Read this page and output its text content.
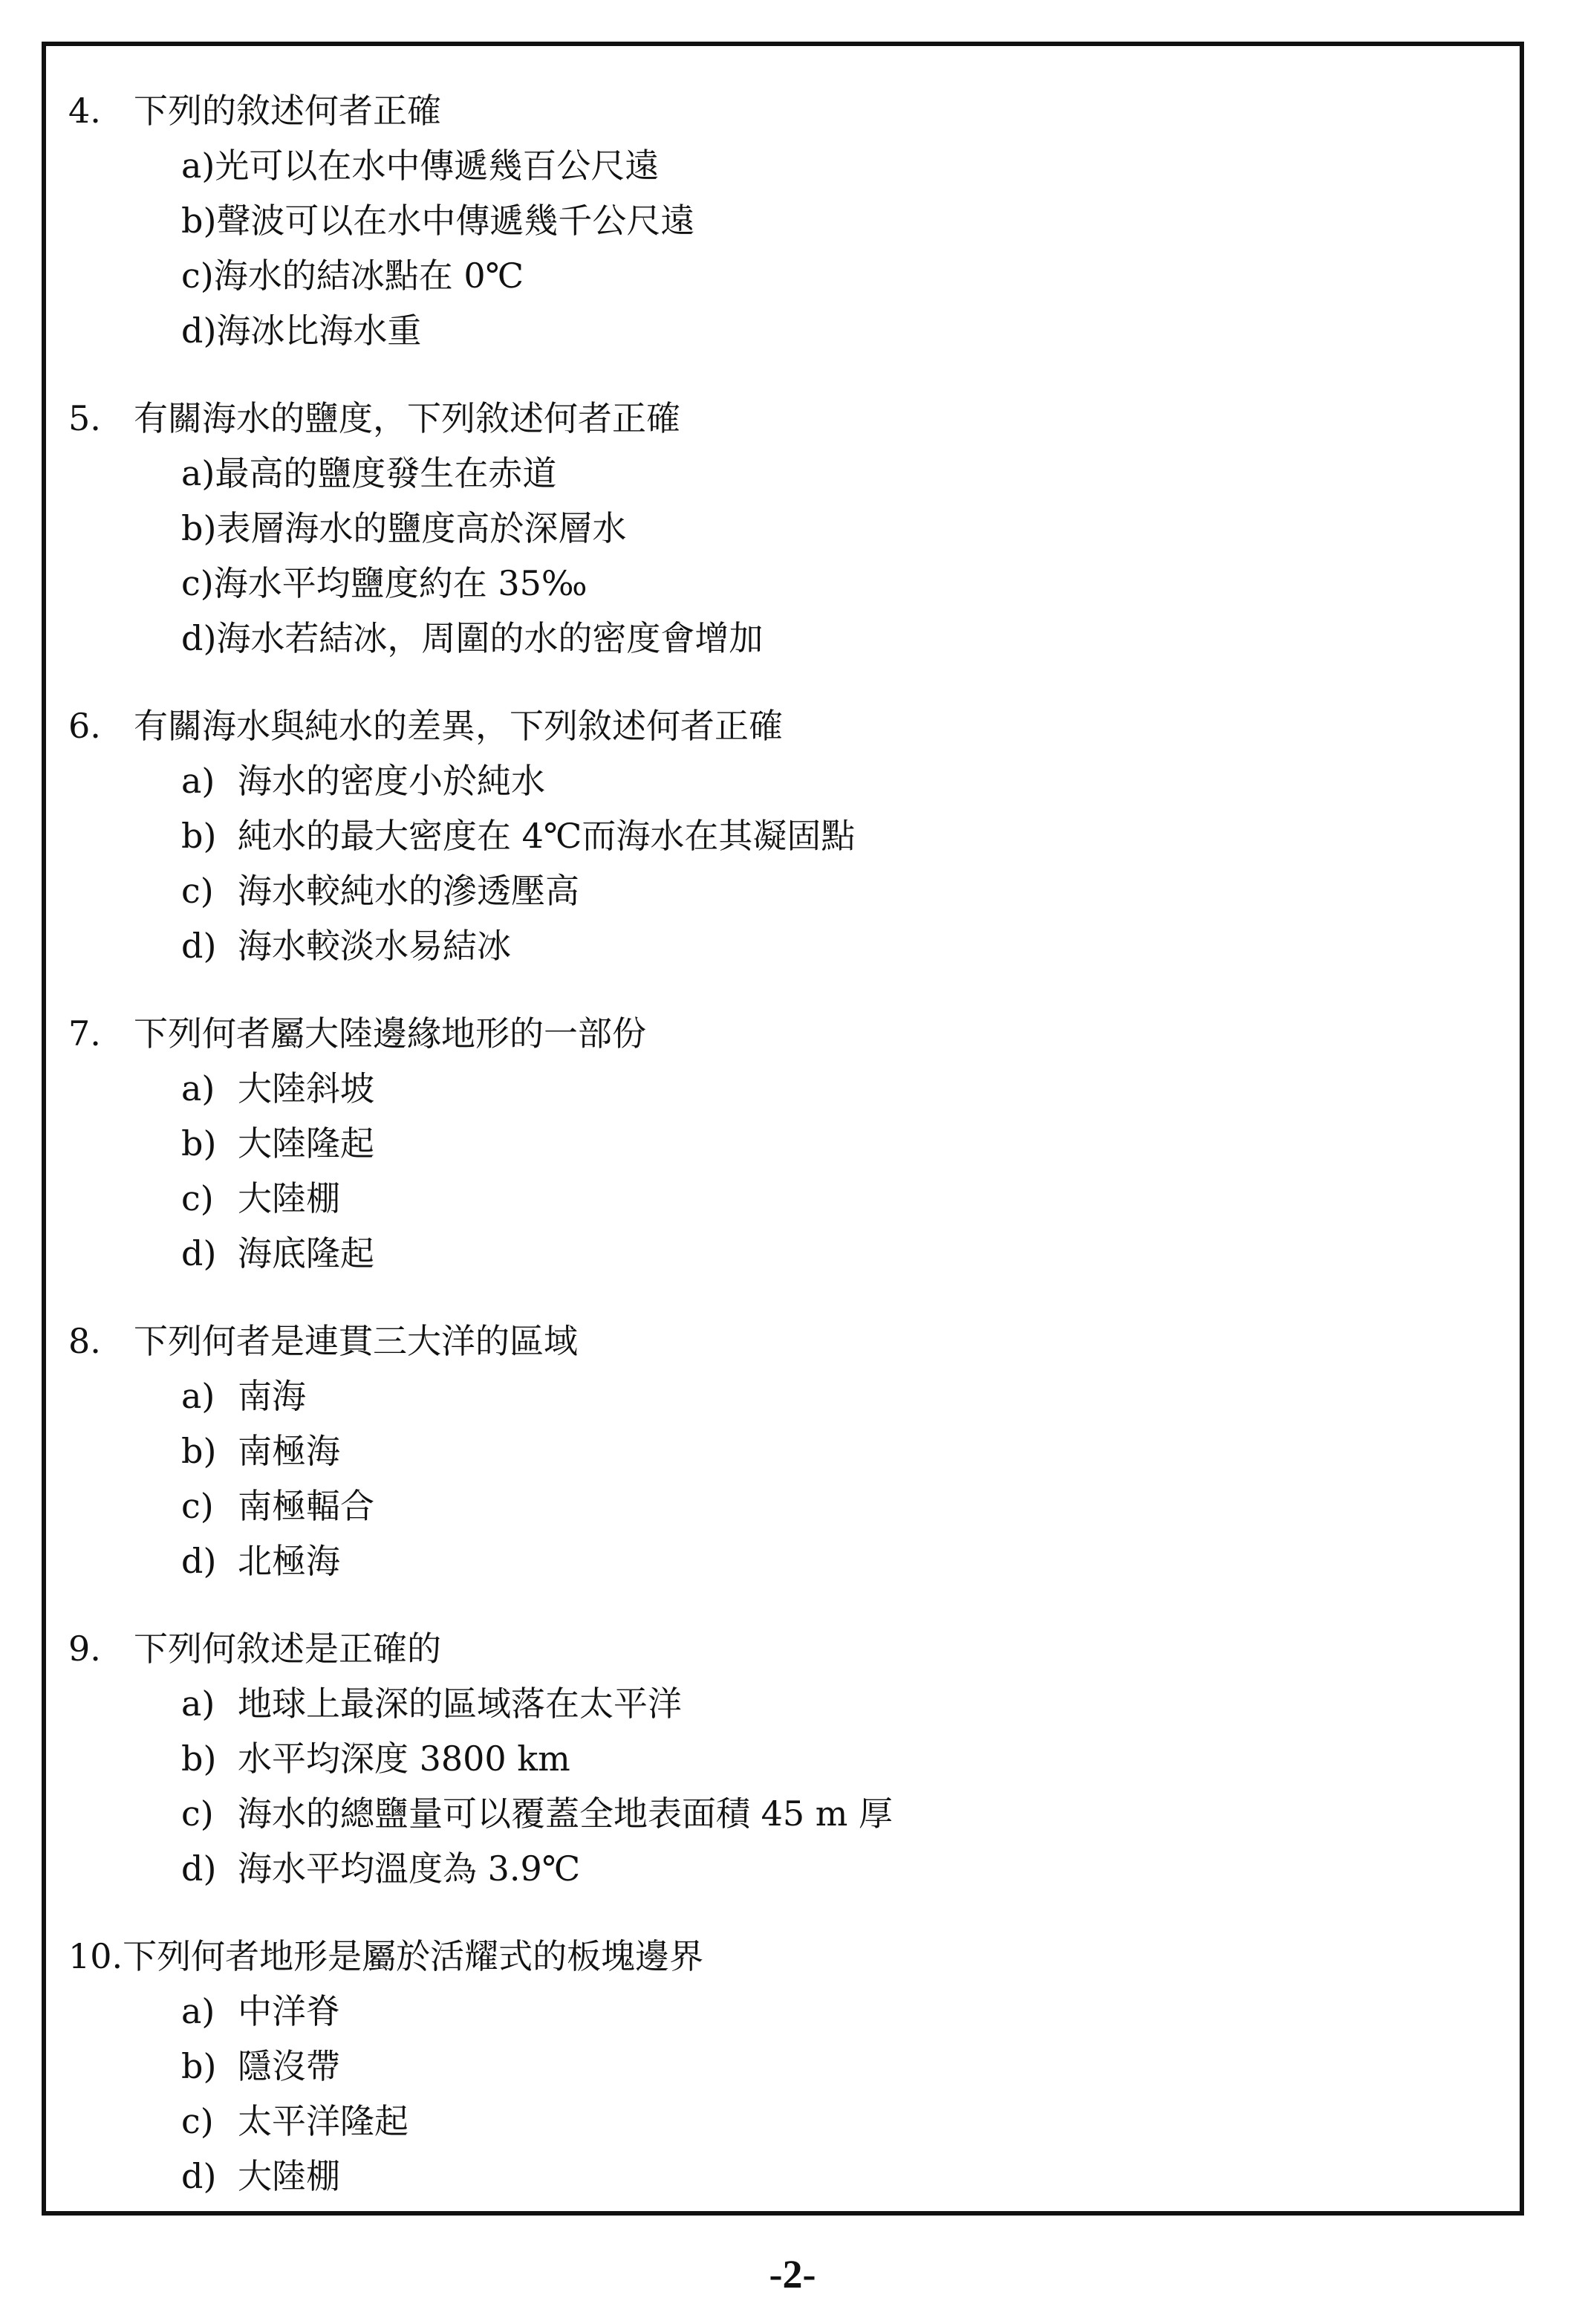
4. 下列的敘述何者正確
a)光可以在水中傳遞幾百公尺遠
b)聲波可以在水中傳遞幾千公尺遠
c)海水的結冰點在 0℃
d)海冰比海水重
5. 有關海水的鹽度，下列敘述何者正確
a)最高的鹽度發生在赤道
b)表層海水的鹽度高於深層水
c)海水平均鹽度約在 35‰
d)海水若結冰，周圍的水的密度會增加
6. 有關海水與純水的差異，下列敘述何者正確
a) 海水的密度小於純水
b) 純水的最大密度在 4℃而海水在其凝固點
c) 海水較純水的滲透壓高
d) 海水較淡水易結冰
7. 下列何者屬大陸邊緣地形的一部份
a) 大陸斜坡
b) 大陸隆起
c) 大陸棚
d) 海底隆起
8. 下列何者是連貫三大洋的區域
a) 南海
b) 南極海
c) 南極輻合
d) 北極海
9. 下列何敘述是正確的
a) 地球上最深的區域落在太平洋
b) 水平均深度 3800 km
c) 海水的總鹽量可以覆蓋全地表面積 45 m 厚
d) 海水平均溫度為 3.9℃
10.下列何者地形是屬於活耀式的板塊邊界
a) 中洋脊
b) 隱沒帶
c) 太平洋隆起
d) 大陸棚
-2-
